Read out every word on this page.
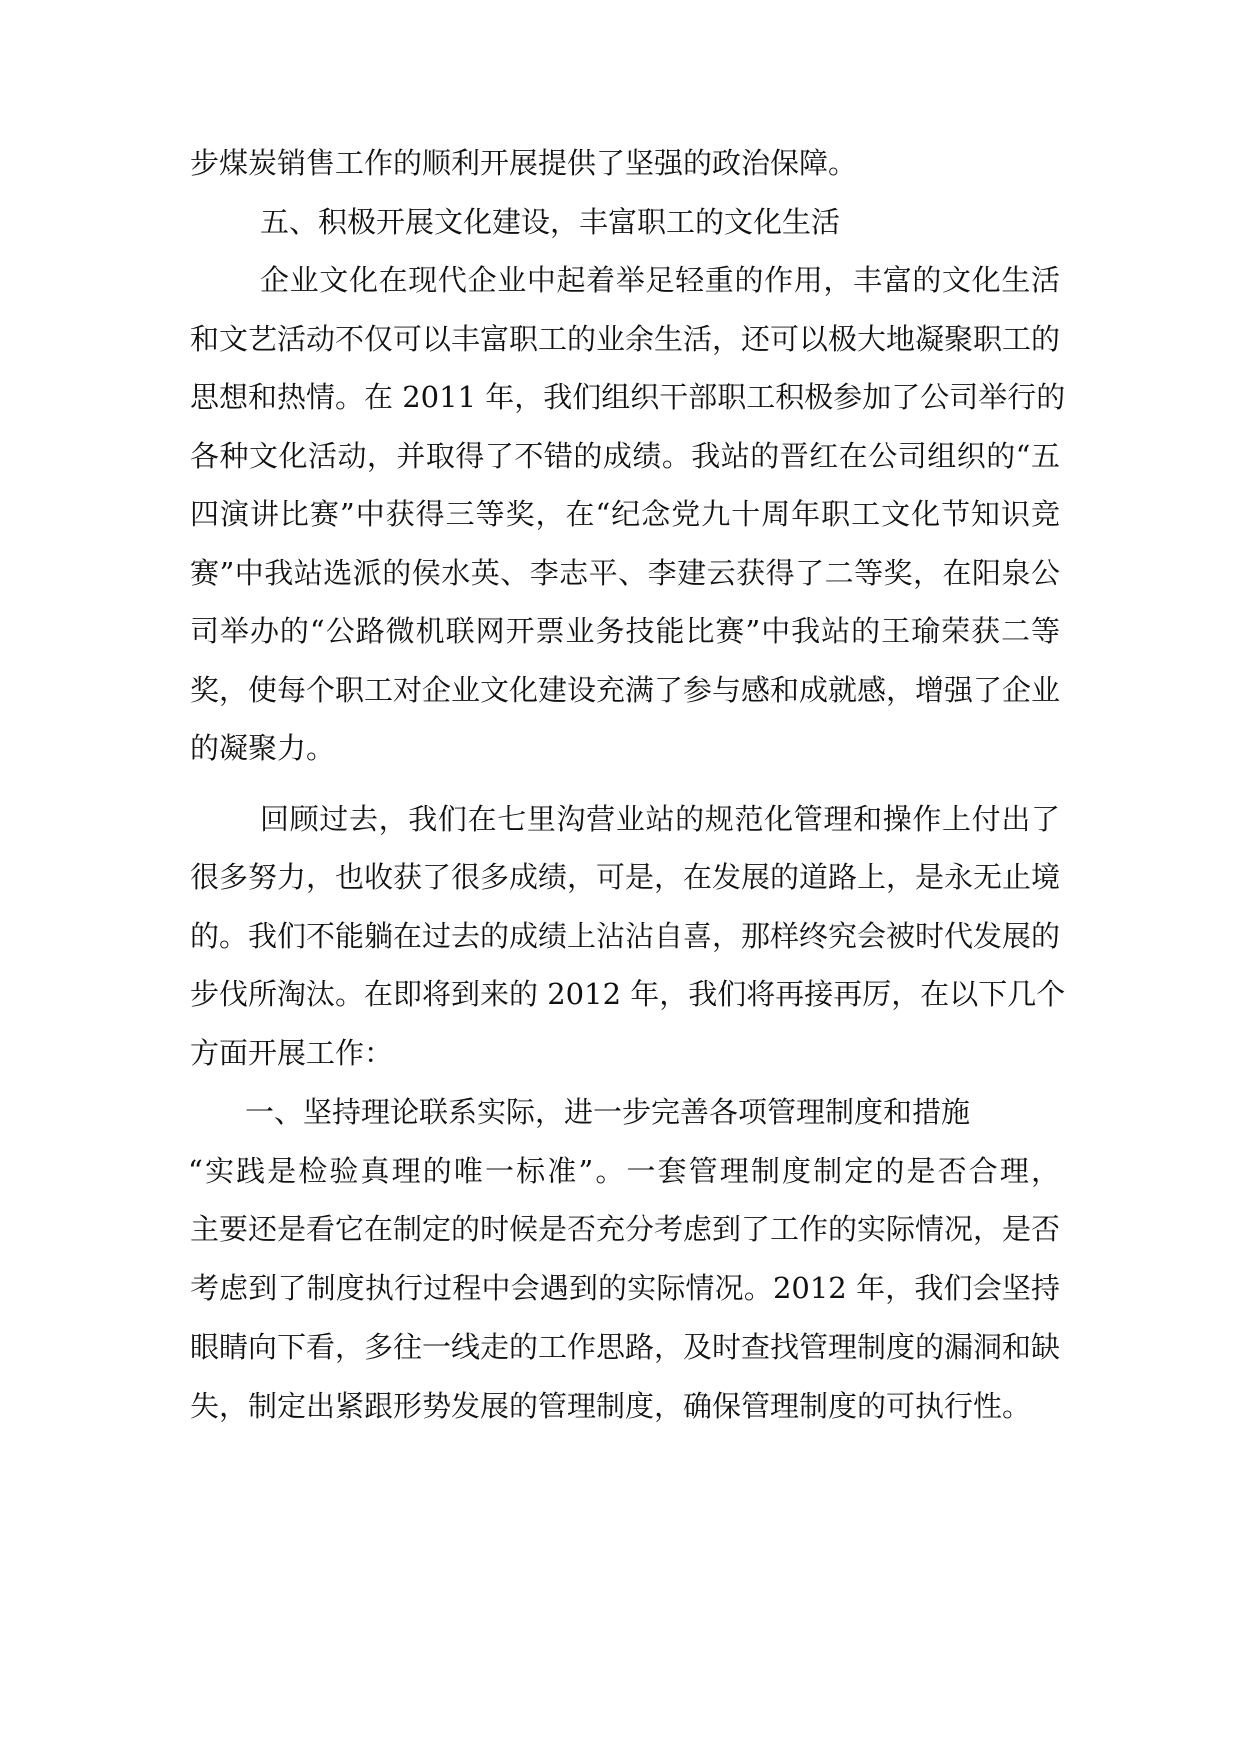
步煤炭销售工作的顺利开展提供了坚强的政治保障。
五、积极开展文化建设，丰富职工的文化生活
企业文化在现代企业中起着举足轻重的作用，丰富的文化生活
和文艺活动不仅可以丰富职工的业余生活，还可以极大地凝聚职工的
思想和热情。在 2011 年，我们组织干部职工积极参加了公司举行的
各种文化活动，并取得了不错的成绩。我站的晋红在公司组织的“五
四演讲比赛”中获得三等奖，在“纪念党九十周年职工文化节知识竞
赛”中我站选派的侯水英、李志平、李建云获得了二等奖，在阳泉公
司举办的“公路微机联网开票业务技能比赛”中我站的王瑜荣获二等
奖，使每个职工对企业文化建设充满了参与感和成就感，增强了企业
的凝聚力。
回顾过去，我们在七里沟营业站的规范化管理和操作上付出了
很多努力，也收获了很多成绩，可是，在发展的道路上，是永无止境
的。我们不能躺在过去的成绩上沾沾自喜，那样终究会被时代发展的
步伐所淘汰。在即将到来的 2012 年，我们将再接再厉，在以下几个
方面开展工作：
一、坚持理论联系实际，进一步完善各项管理制度和措施
“实践是检验真理的唯一标准”。一套管理制度制定的是否合理，
主要还是看它在制定的时候是否充分考虑到了工作的实际情况，是否
考虑到了制度执行过程中会遇到的实际情况。2012 年，我们会坚持
眼睛向下看，多往一线走的工作思路，及时查找管理制度的漏洞和缺
失，制定出紧跟形势发展的管理制度，确保管理制度的可执行性。
